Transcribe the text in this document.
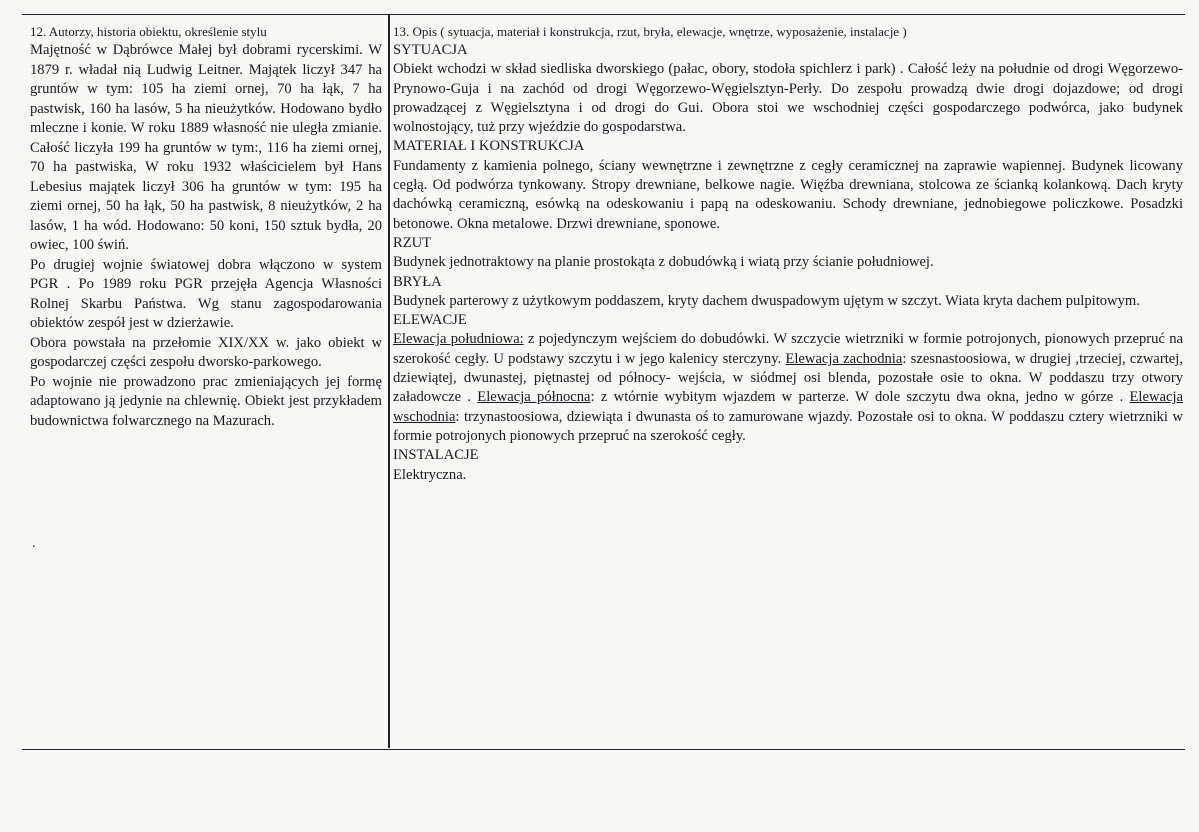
12. Autorzy, historia obiektu, określenie stylu

Majętność w Dąbrówce Małej był dobrami rycerskimi. W 1879 r. władał nią Ludwig Leitner. Majątek liczył 347 ha gruntów w tym: 105 ha ziemi ornej, 70 ha łąk, 7 ha pastwisk, 160 ha lasów, 5 ha nieużytków. Hodowano bydło mleczne i konie. W roku 1889 własność nie uległa zmianie. Całość liczyła 199 ha gruntów w tym:, 116 ha ziemi ornej, 70 ha pastwiska, W roku 1932 właścicielem był Hans Lebesius majątek liczył 306 ha gruntów w tym: 195 ha ziemi ornej, 50 ha łąk, 50 ha pastwisk, 8 nieużytków, 2 ha lasów, 1 ha wód. Hodowano: 50 koni, 150 sztuk bydła, 20 owiec, 100 świń.

Po drugiej wojnie światowej dobra włączono w system PGR . Po 1989 roku PGR przejęła Agencja Własności Rolnej Skarbu Państwa. Wg stanu zagospodarowania obiektów zespół jest w dzierżawie.

Obora powstała na przełomie XIX/XX w. jako obiekt w gospodarczej części zespołu dworsko-parkowego.

Po wojnie nie prowadzono prac zmieniających jej formę adaptowano ją jedynie na chlewnię. Obiekt jest przykładem budownictwa folwarcznego na Mazurach.

.
13. Opis ( sytuacja, materiał i konstrukcja, rzut, bryła, elewacje, wnętrze, wyposażenie, instalacje )
SYTUACJA

Obiekt wchodzi w skład siedliska dworskiego (pałac, obory, stodoła spichlerz i park) . Całość leży na południe od drogi Węgorzewo-Prynowo-Guja i na zachód od drogi Węgorzewo-Węgielsztyn-Perły. Do zespołu prowadzą dwie drogi dojazdowe; od drogi prowadzącej z Węgielsztyna i od drogi do Gui. Obora stoi we wschodniej części gospodarczego podwórca, jako budynek wolnostojący, tuż przy wjeździe do gospodarstwa.

MATERIAŁ I KONSTRUKCJA

Fundamenty z kamienia polnego, ściany wewnętrzne i zewnętrzne z cegły ceramicznej na zaprawie wapiennej. Budynek licowany cegłą. Od podwórza tynkowany. Stropy drewniane, belkowe nagie. Więźba drewniana, stolcowa ze ścianką kolankową. Dach kryty dachówką ceramiczną, esówką na odeskowaniu i papą na odeskowaniu. Schody drewniane, jednobiegowe policzkowe. Posadzki betonowe. Okna metalowe. Drzwi drewniane, sponowe.

RZUT

Budynek jednotraktowy na planie prostokąta z dobudówką i wiatą przy ścianie południowej.

BRYŁA

Budynek parterowy z użytkowym poddaszem, kryty dachem dwuspadowym ujętym w szczyt. Wiata kryta dachem pulpitowym.

ELEWACJE

Elewacja południowa: z pojedynczym wejściem do dobudówki. W szczycie wietrzniki w formie potrojonych, pionowych przepruć na szerokość cegły. U podstawy szczytu i w jego kalenicy sterczyny. Elewacja zachodnia: szesnastoosiowa, w drugiej ,trzeciej, czwartej, dziewiątej, dwunastej, piętnastej od północy- wejścia, w siódmej osi blenda, pozostałe osie to okna. W poddaszu trzy otwory załadowcze . Elewacja północna: z wtórnie wybitym wjazdem w parterze. W dole szczytu dwa okna, jedno w górze . Elewacja wschodnia: trzynastoosiowa, dziewiąta i dwunasta oś to zamurowane wjazdy. Pozostałe osi to okna. W poddaszu cztery wietrzniki w formie potrojonych pionowych przepruć na szerokość cegły.

INSTALACJE

Elektryczna.
